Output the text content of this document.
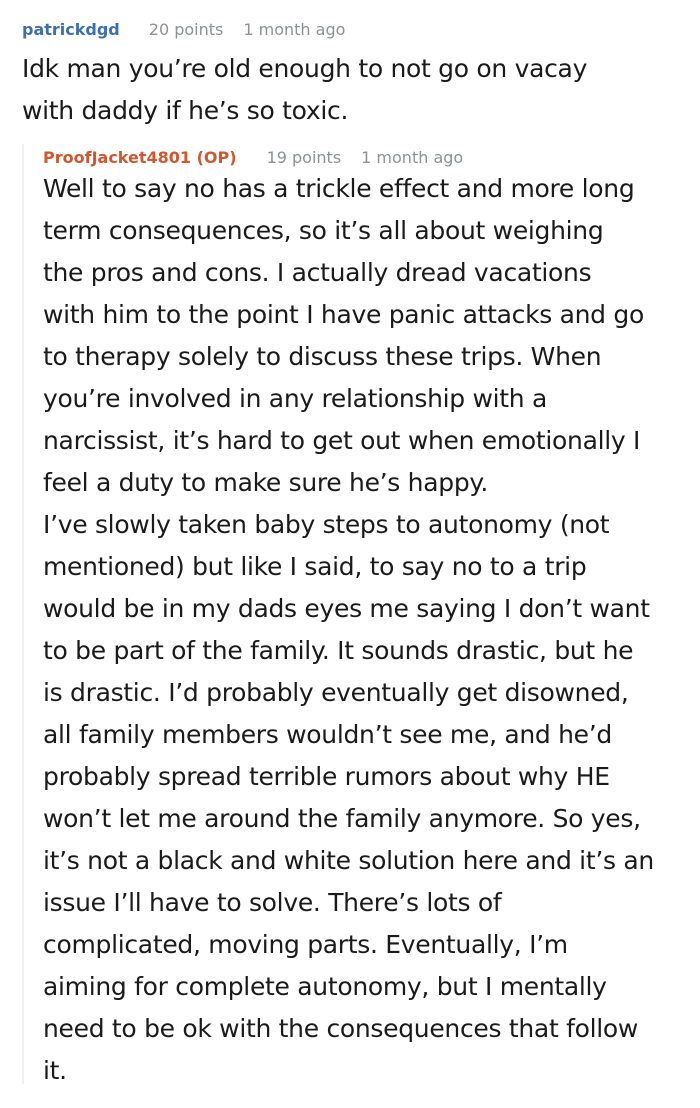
patrickdgd 20 points 1 month ago

Idk man you’re old enough to not go on vacay
with daddy if he’s so toxic.

ProofJacket4801 (OP) 19 points 1 month ago

Well to say no has a trickle effect and more long
term consequences, so it’s all about weighing
the pros and cons. I actually dread vacations
with him to the point I have panic attacks and go
to therapy solely to discuss these trips. When
you’re involved in any relationship with a
narcissist, it’s hard to get out when emotionally I
feel a duty to make sure he’s happy.
I’ve slowly taken baby steps to autonomy (not
mentioned) but like I said, to say no to a trip
would be in my dads eyes me saying I don’t want
to be part of the family. It sounds drastic, but he
is drastic. I’d probably eventually get disowned,
all family members wouldn’t see me, and he’d
probably spread terrible rumors about why HE
won’t let me around the family anymore. So yes,
it’s not a black and white solution here and it’s an
issue I’ll have to solve. There’s lots of
complicated, moving parts. Eventually, I’m
aiming for complete autonomy, but I mentally
need to be ok with the consequences that follow
it.
